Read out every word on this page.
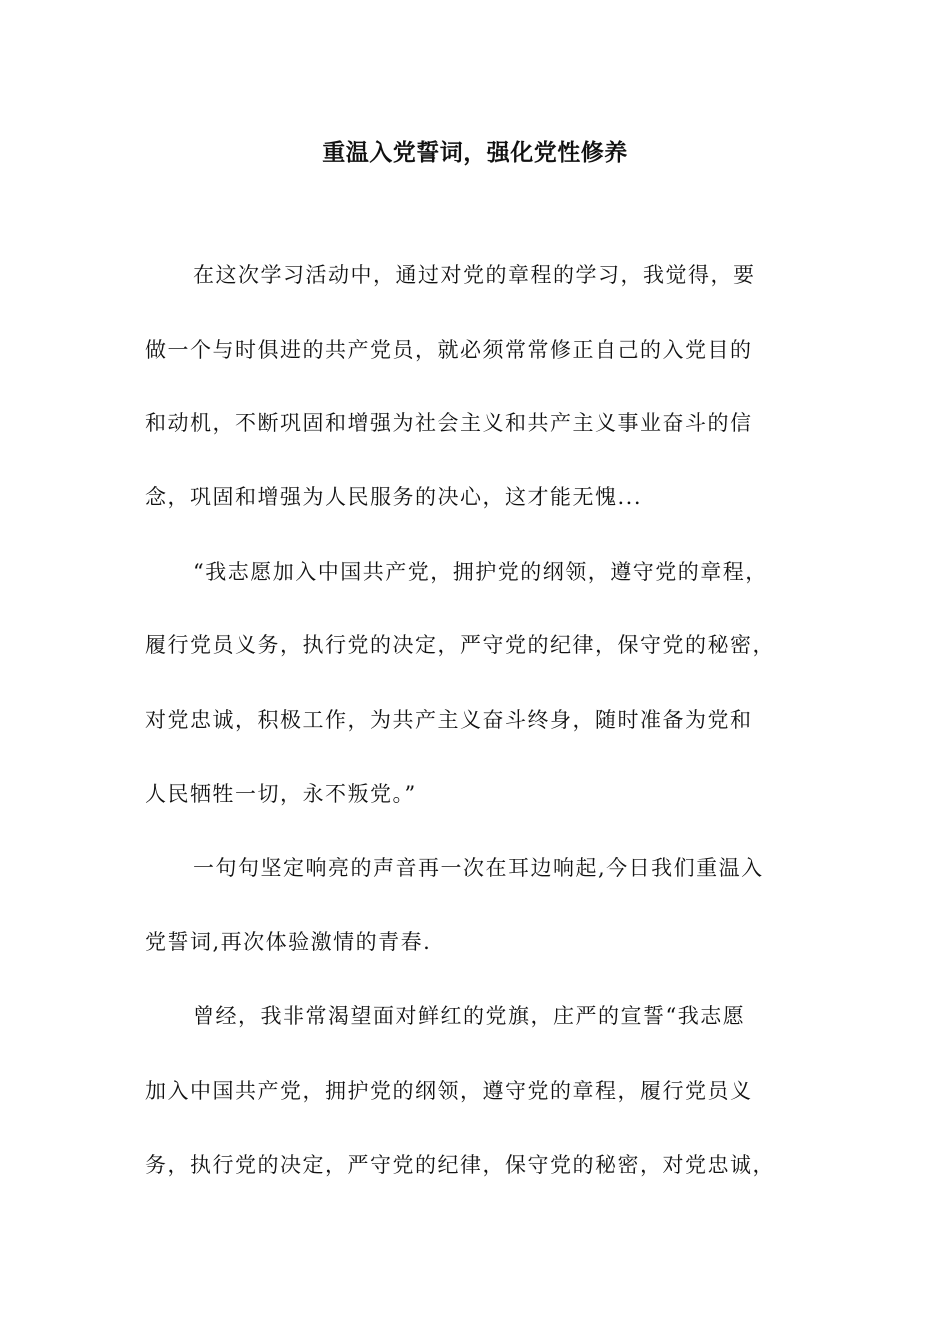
重温入党誓词，强化党性修养
在这次学习活动中，通过对党的章程的学习，我觉得，要
做一个与时俱进的共产党员，就必须常常修正自己的入党目的
和动机，不断巩固和增强为社会主义和共产主义事业奋斗的信
念，巩固和增强为人民服务的决心，这才能无愧...
“我志愿加入中国共产党，拥护党的纲领，遵守党的章程，
履行党员义务，执行党的决定，严守党的纪律，保守党的秘密，
对党忠诚，积极工作，为共产主义奋斗终身，随时准备为党和
人民牺牲一切，永不叛党。”
一句句坚定响亮的声音再一次在耳边响起,今日我们重温入
党誓词,再次体验激情的青春.
曾经，我非常渴望面对鲜红的党旗，庄严的宣誓“我志愿
加入中国共产党，拥护党的纲领，遵守党的章程，履行党员义
务，执行党的决定，严守党的纪律，保守党的秘密，对党忠诚，
